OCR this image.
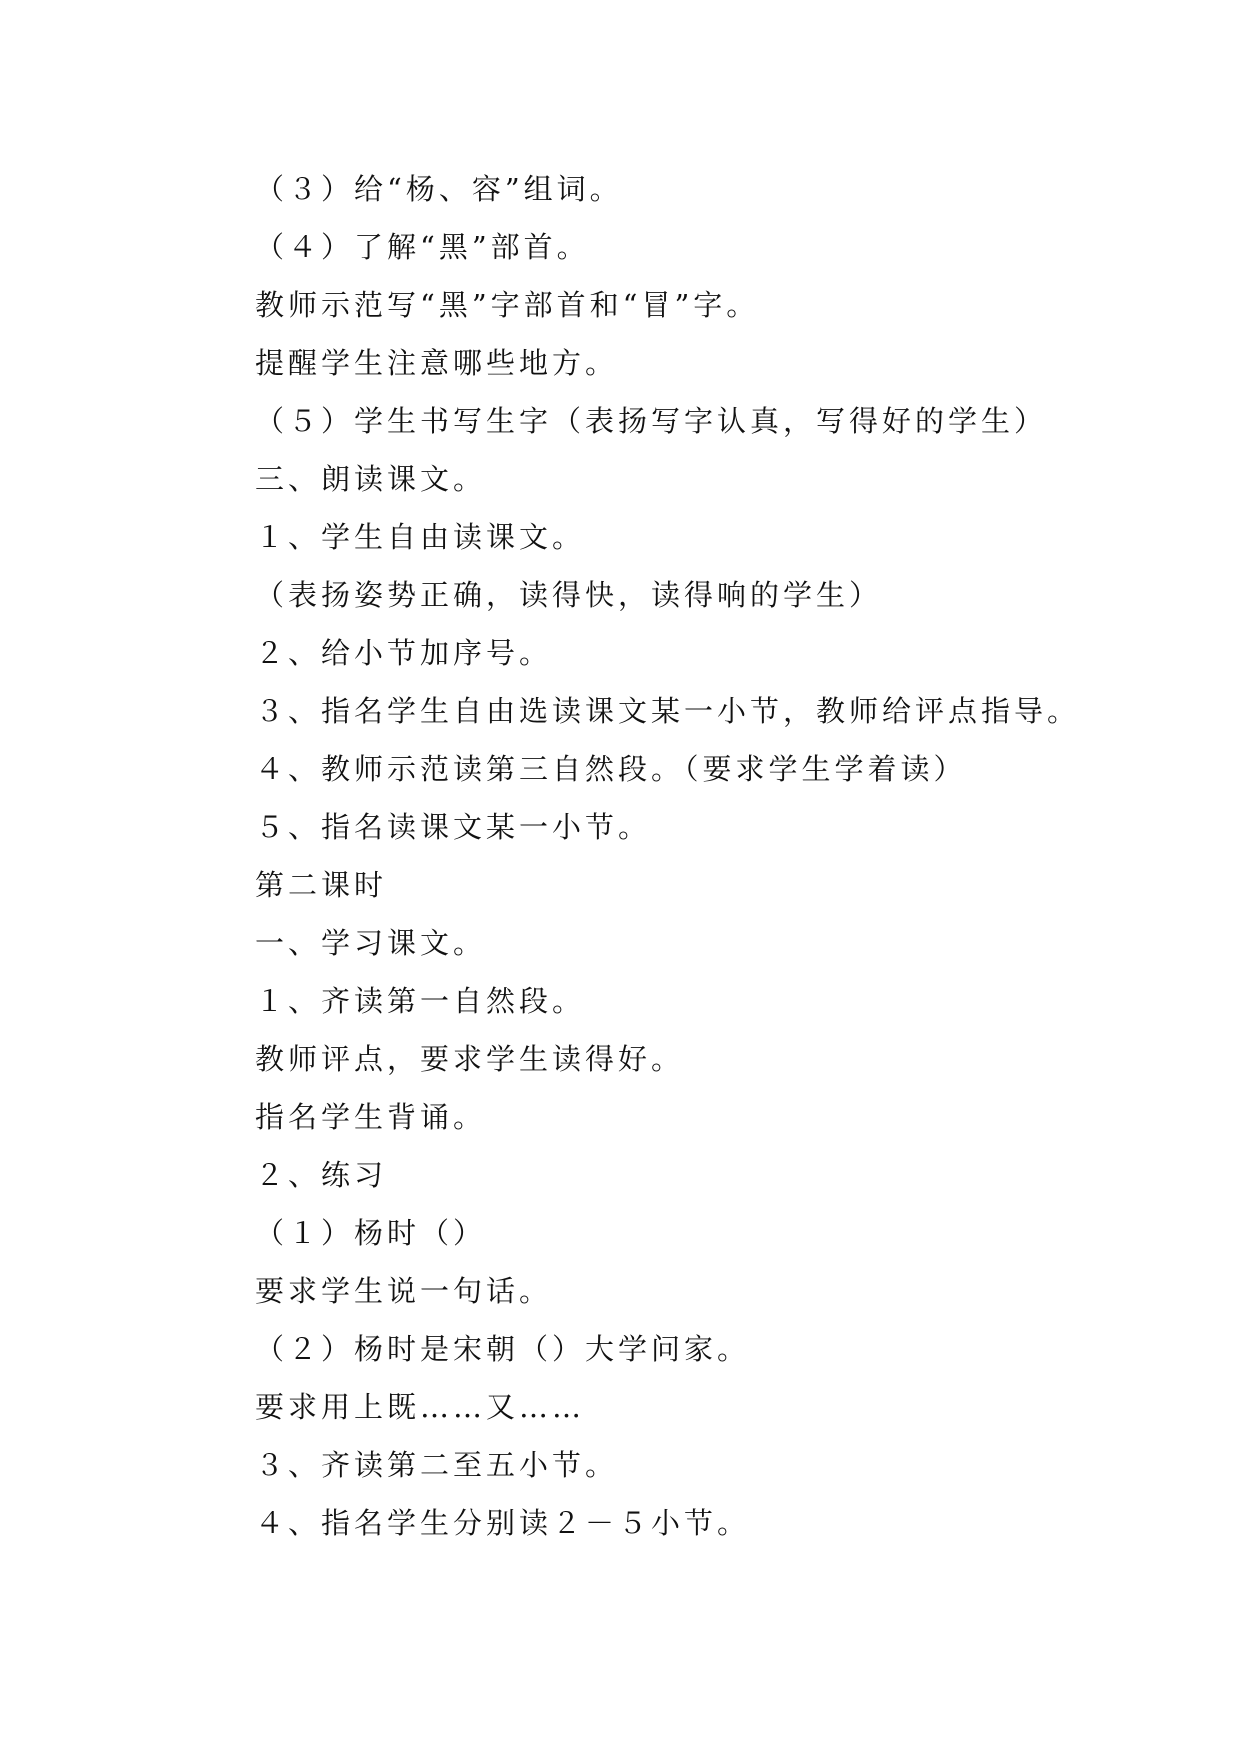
（３）给“杨、容”组词。
（４）了解“黑”部首。
教师示范写“黑”字部首和“冒”字。
提醒学生注意哪些地方。
（５）学生书写生字（表扬写字认真，写得好的学生）
三、朗读课文。
１、学生自由读课文。
（表扬姿势正确，读得快，读得响的学生）
２、给小节加序号。
３、指名学生自由选读课文某一小节，教师给评点指导。
４、教师示范读第三自然段。（要求学生学着读）
５、指名读课文某一小节。
第二课时
一、学习课文。
１、齐读第一自然段。
教师评点，要求学生读得好。
指名学生背诵。
２、练习
（１）杨时（）
要求学生说一句话。
（２）杨时是宋朝（）大学问家。
要求用上既……又……
３、齐读第二至五小节。
４、指名学生分别读２－５小节。
